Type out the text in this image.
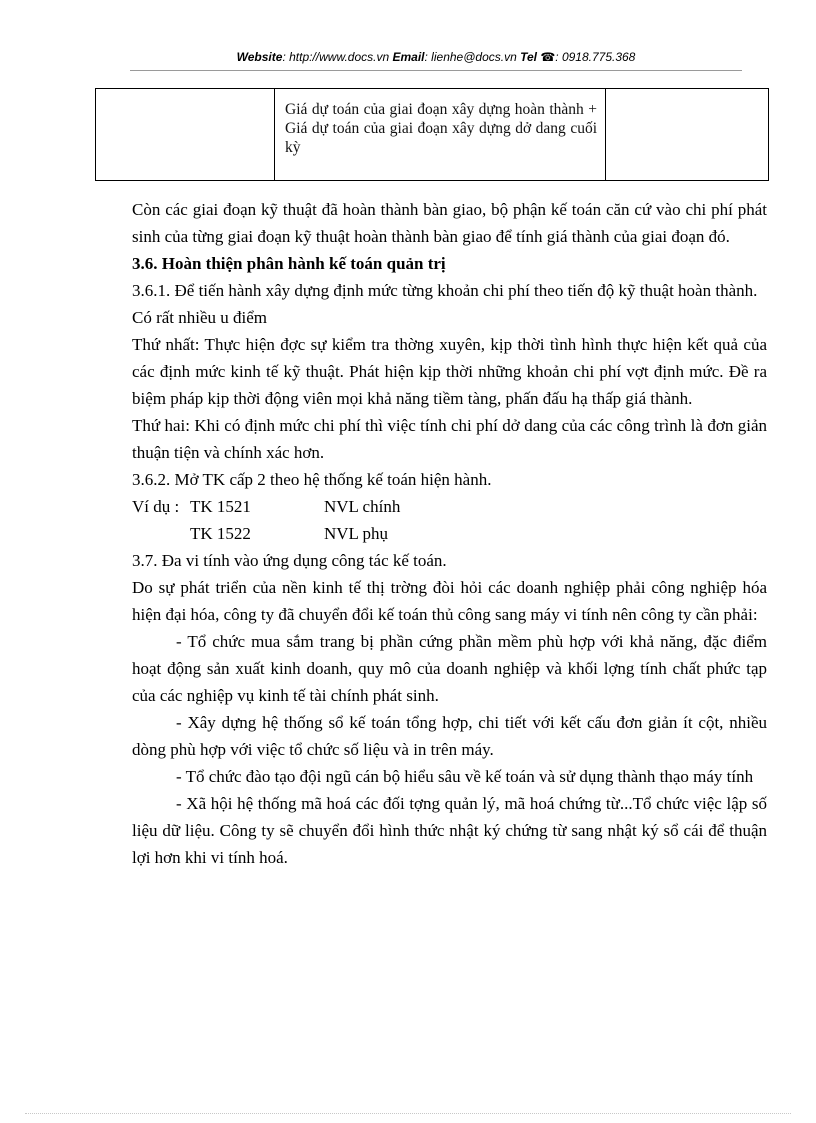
Website: http://www.docs.vn Email: lienhe@docs.vn Tel ☎: 0918.775.368

Giá dự toán của giai đoạn xây dựng hoàn thành + Giá dự toán của giai đoạn xây dựng dở dang cuối kỳ

Còn các giai đoạn kỹ thuật đã hoàn thành bàn giao, bộ phận kế toán căn cứ vào chi phí phát sinh của từng giai đoạn kỹ thuật hoàn thành bàn giao để tính giá thành của giai đoạn đó.

3.6. Hoàn thiện phân hành kế toán quản trị

3.6.1. Để tiến hành xây dựng định mức từng khoản chi phí theo tiến độ kỹ thuật hoàn thành.

Có rất nhiều u điểm

Thứ nhất: Thực hiện đợc sự kiểm tra thờng xuyên, kịp thời tình hình thực hiện kết quả của các định mức kinh tế kỹ thuật. Phát hiện kịp thời những khoản chi phí vợt định mức. Đề ra biệm pháp kịp thời động viên mọi khả năng tiềm tàng, phấn đấu hạ thấp giá thành.

Thứ hai: Khi có định mức chi phí thì việc tính chi phí dở dang của các công trình là đơn giản thuận tiện và chính xác hơn.

3.6.2. Mở TK cấp 2 theo hệ thống kế toán hiện hành.

Ví dụ : TK 1521	NVL chính
TK 1522	NVL phụ

3.7. Đa vi tính vào ứng dụng công tác kế toán.

Do sự phát triển của nền kinh tế thị trờng đòi hỏi các doanh nghiệp phải công nghiệp hóa hiện đại hóa, công ty đã chuyển đổi kế toán thủ công sang máy vi tính nên công ty cần phải:

- Tổ chức mua sắm trang bị phần cứng phần mềm phù hợp với khả năng, đặc điểm hoạt động sản xuất kinh doanh, quy mô của doanh nghiệp và khối lợng tính chất phức tạp của các nghiệp vụ kinh tế tài chính phát sinh.

- Xây dựng hệ thống sổ kế toán tổng hợp, chi tiết với kết cấu đơn giản ít cột, nhiều dòng phù hợp với việc tổ chức số liệu và in trên máy.

- Tổ chức đào tạo đội ngũ cán bộ hiểu sâu về kế toán và sử dụng thành thạo máy tính

- Xã hội hệ thống mã hoá các đối tợng quản lý, mã hoá chứng từ...Tổ chức việc lập số liệu dữ liệu. Công ty sẽ chuyển đổi hình thức nhật ký chứng từ sang nhật ký sổ cái để thuận lợi hơn khi vi tính hoá.
